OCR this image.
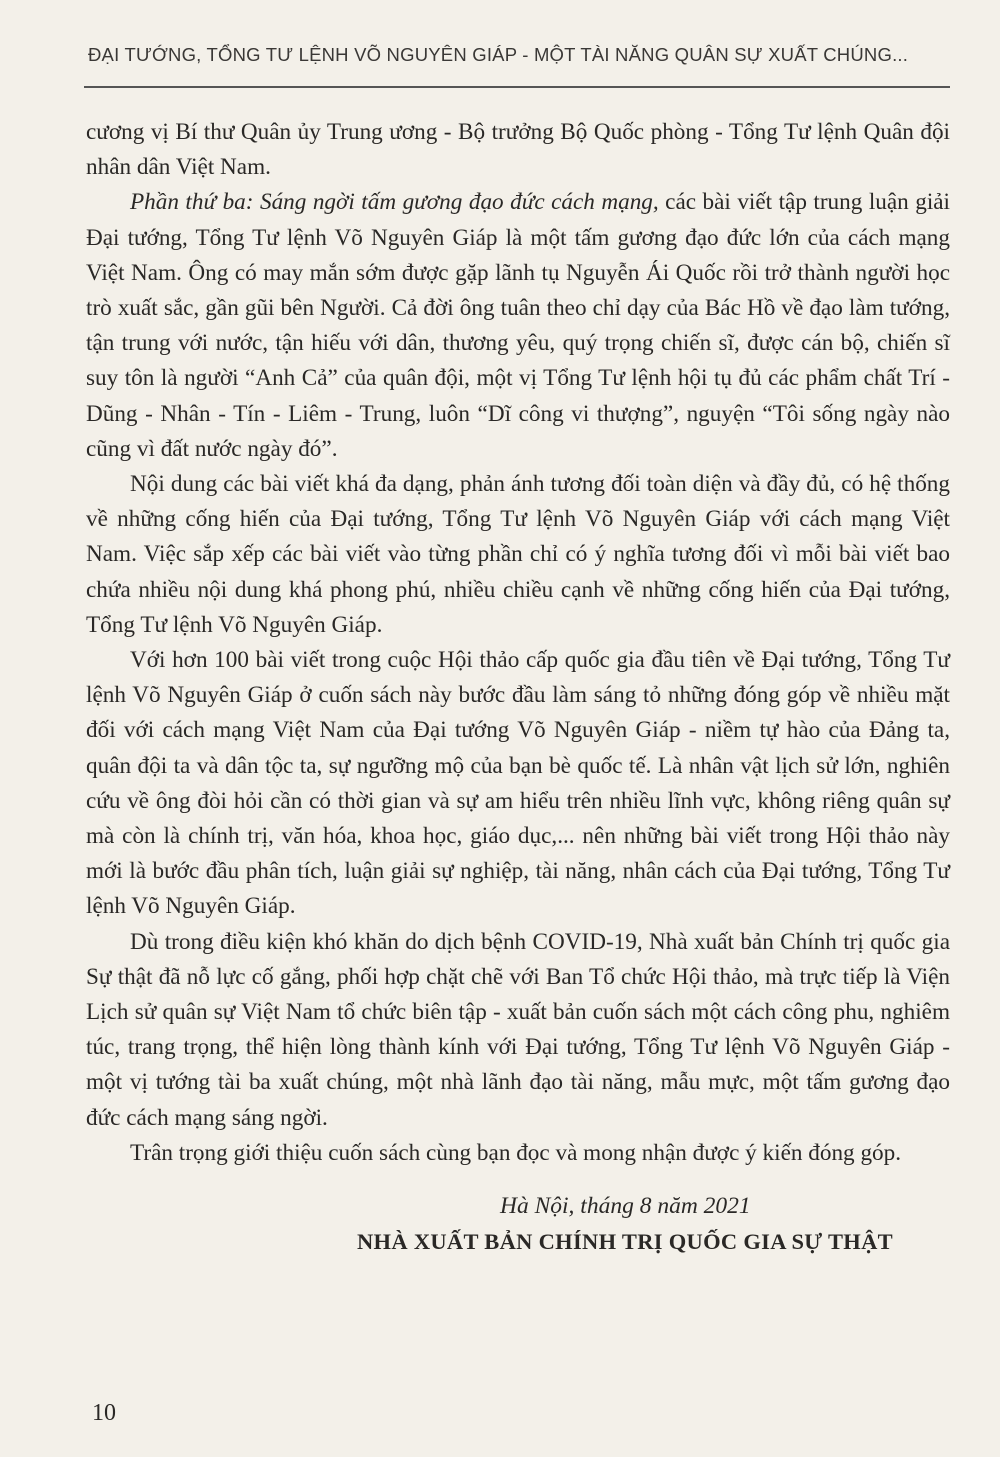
ĐẠI TƯỚNG, TỔNG TƯ LỆNH VÕ NGUYÊN GIÁP - MỘT TÀI NĂNG QUÂN SỰ XUẤT CHÚNG...

cương vị Bí thư Quân ủy Trung ương - Bộ trưởng Bộ Quốc phòng - Tổng Tư lệnh Quân đội nhân dân Việt Nam.

Phần thứ ba: Sáng ngời tấm gương đạo đức cách mạng, các bài viết tập trung luận giải Đại tướng, Tổng Tư lệnh Võ Nguyên Giáp là một tấm gương đạo đức lớn của cách mạng Việt Nam. Ông có may mắn sớm được gặp lãnh tụ Nguyễn Ái Quốc rồi trở thành người học trò xuất sắc, gần gũi bên Người. Cả đời ông tuân theo chỉ dạy của Bác Hồ về đạo làm tướng, tận trung với nước, tận hiếu với dân, thương yêu, quý trọng chiến sĩ, được cán bộ, chiến sĩ suy tôn là người “Anh Cả” của quân đội, một vị Tổng Tư lệnh hội tụ đủ các phẩm chất Trí - Dũng - Nhân - Tín - Liêm - Trung, luôn “Dĩ công vi thượng”, nguyện “Tôi sống ngày nào cũng vì đất nước ngày đó”.

Nội dung các bài viết khá đa dạng, phản ánh tương đối toàn diện và đầy đủ, có hệ thống về những cống hiến của Đại tướng, Tổng Tư lệnh Võ Nguyên Giáp với cách mạng Việt Nam. Việc sắp xếp các bài viết vào từng phần chỉ có ý nghĩa tương đối vì mỗi bài viết bao chứa nhiều nội dung khá phong phú, nhiều chiều cạnh về những cống hiến của Đại tướng, Tổng Tư lệnh Võ Nguyên Giáp.

Với hơn 100 bài viết trong cuộc Hội thảo cấp quốc gia đầu tiên về Đại tướng, Tổng Tư lệnh Võ Nguyên Giáp ở cuốn sách này bước đầu làm sáng tỏ những đóng góp về nhiều mặt đối với cách mạng Việt Nam của Đại tướng Võ Nguyên Giáp - niềm tự hào của Đảng ta, quân đội ta và dân tộc ta, sự ngưỡng mộ của bạn bè quốc tế. Là nhân vật lịch sử lớn, nghiên cứu về ông đòi hỏi cần có thời gian và sự am hiểu trên nhiều lĩnh vực, không riêng quân sự mà còn là chính trị, văn hóa, khoa học, giáo dục,... nên những bài viết trong Hội thảo này mới là bước đầu phân tích, luận giải sự nghiệp, tài năng, nhân cách của Đại tướng, Tổng Tư lệnh Võ Nguyên Giáp.

Dù trong điều kiện khó khăn do dịch bệnh COVID-19, Nhà xuất bản Chính trị quốc gia Sự thật đã nỗ lực cố gắng, phối hợp chặt chẽ với Ban Tổ chức Hội thảo, mà trực tiếp là Viện Lịch sử quân sự Việt Nam tổ chức biên tập - xuất bản cuốn sách một cách công phu, nghiêm túc, trang trọng, thể hiện lòng thành kính với Đại tướng, Tổng Tư lệnh Võ Nguyên Giáp - một vị tướng tài ba xuất chúng, một nhà lãnh đạo tài năng, mẫu mực, một tấm gương đạo đức cách mạng sáng ngời.

Trân trọng giới thiệu cuốn sách cùng bạn đọc và mong nhận được ý kiến đóng góp.

Hà Nội, tháng 8 năm 2021
NHÀ XUẤT BẢN CHÍNH TRỊ QUỐC GIA SỰ THẬT
10
